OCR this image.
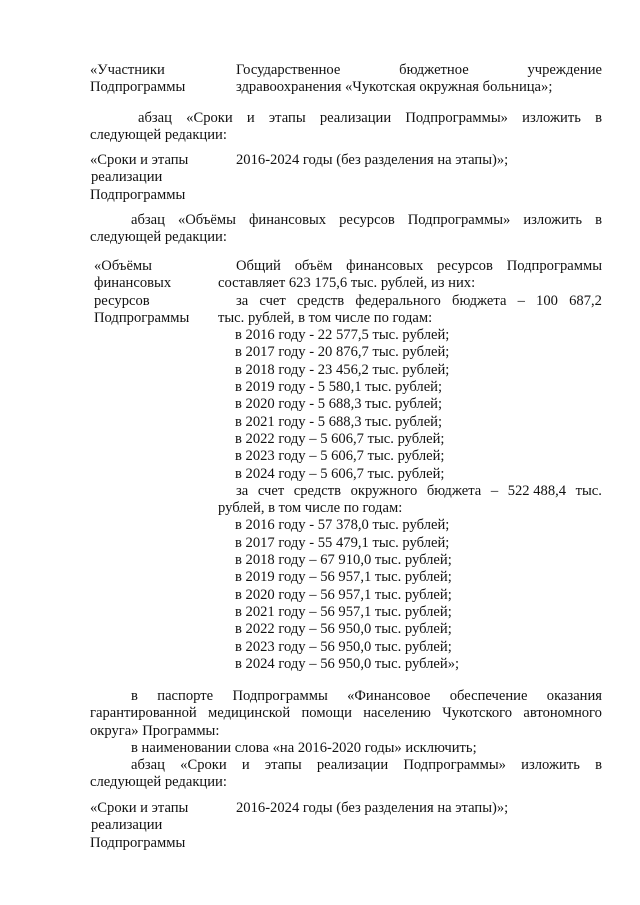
«Участники
Подпрограммы
Государственное	бюджетное	учреждение
здравоохранения «Чукотская окружная больница»;
абзац «Сроки и этапы реализации Подпрограммы» изложить в
следующей редакции:
«Сроки и этапы
реализации
Подпрограммы
2016-2024 годы (без разделения на этапы)»;
абзац «Объёмы финансовых ресурсов Подпрограммы» изложить в
следующей редакции:
«Объёмы
финансовых
ресурсов
Подпрограммы
Общий объём финансовых ресурсов Подпрограммы
составляет 623 175,6 тыс. рублей, из них:
за счет средств федерального бюджета – 100 687,2
тыс. рублей, в том числе по годам:
в 2016 году - 22 577,5 тыс. рублей;
в 2017 году - 20 876,7 тыс. рублей;
в 2018 году - 23 456,2 тыс. рублей;
в 2019 году - 5 580,1 тыс. рублей;
в 2020 году - 5 688,3 тыс. рублей;
в 2021 году - 5 688,3 тыс. рублей;
в 2022 году – 5 606,7 тыс. рублей;
в 2023 году – 5 606,7 тыс. рублей;
в 2024 году – 5 606,7 тыс. рублей;
за счет средств окружного бюджета – 522 488,4 тыс.
рублей, в том числе по годам:
в 2016 году - 57 378,0 тыс. рублей;
в 2017 году - 55 479,1 тыс. рублей;
в 2018 году – 67 910,0 тыс. рублей;
в 2019 году – 56 957,1 тыс. рублей;
в 2020 году – 56 957,1 тыс. рублей;
в 2021 году – 56 957,1 тыс. рублей;
в 2022 году – 56 950,0 тыс. рублей;
в 2023 году – 56 950,0 тыс. рублей;
в 2024 году – 56 950,0 тыс. рублей»;
в паспорте Подпрограммы «Финансовое обеспечение оказания
гарантированной медицинской помощи населению Чукотского автономного
округа» Программы:
в наименовании слова «на 2016-2020 годы» исключить;
абзац «Сроки и этапы реализации Подпрограммы» изложить в
следующей редакции:
«Сроки и этапы
реализации
Подпрограммы
2016-2024 годы (без разделения на этапы)»;
